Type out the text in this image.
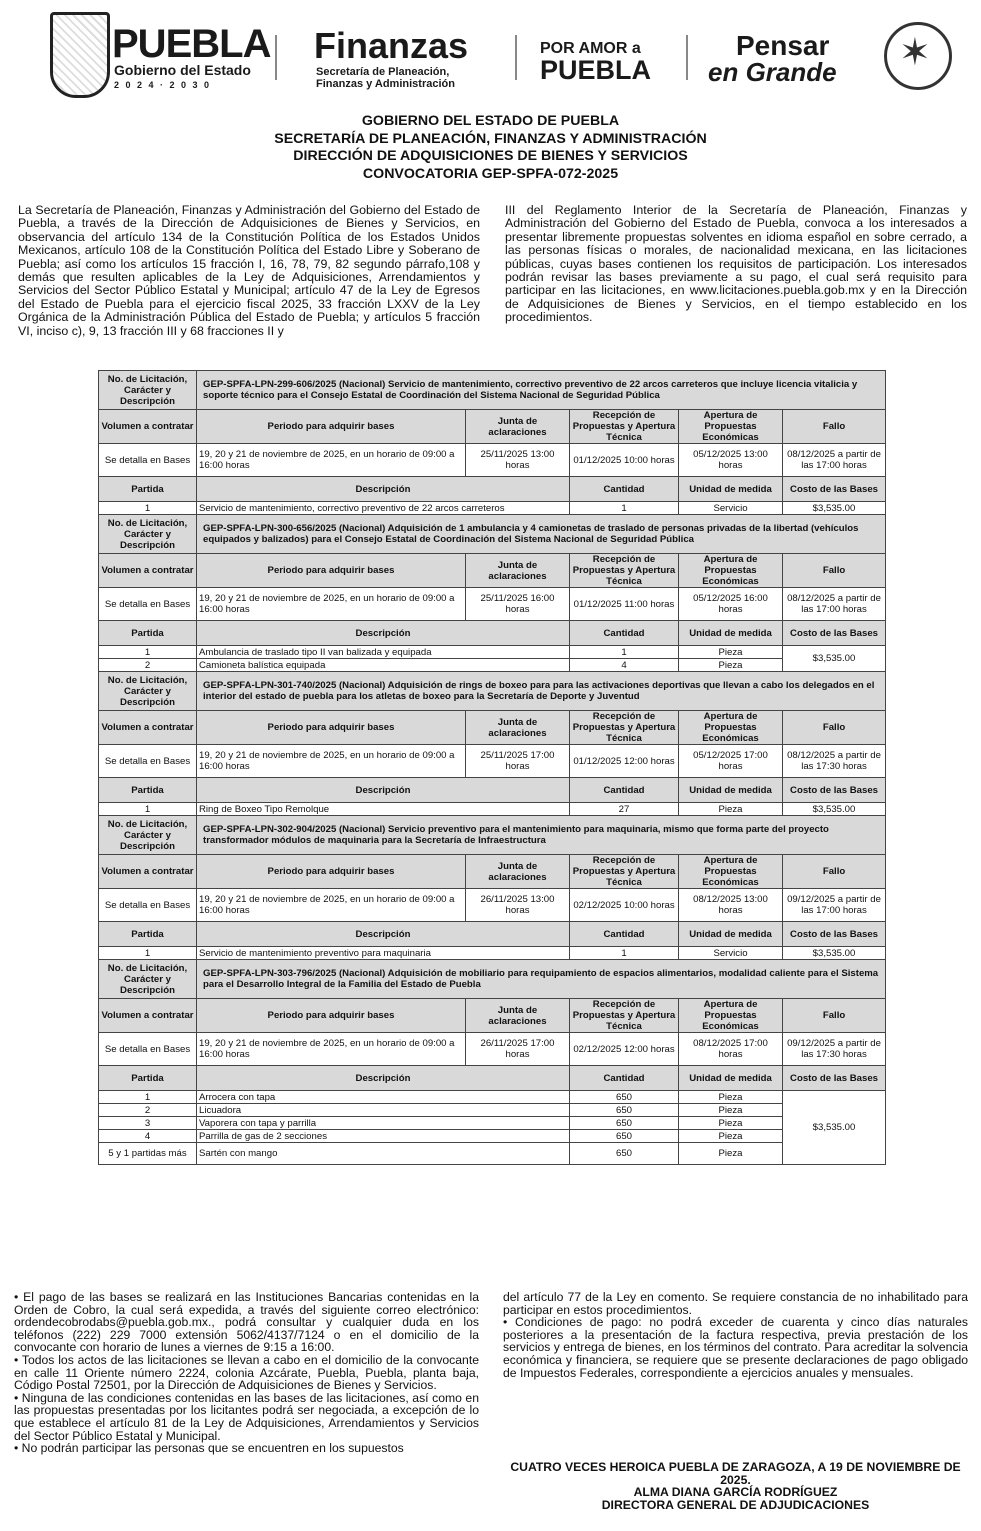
PUEBLA
Gobierno del Estado
2 0 2 4 · 2 0 3 0
Finanzas
Secretaría de Planeación,
Finanzas y Administración
POR AMOR a
PUEBLA
Pensar
en Grande
✶
GOBIERNO DEL ESTADO DE PUEBLA
SECRETARÍA DE PLANEACIÓN, FINANZAS Y ADMINISTRACIÓN
DIRECCIÓN DE ADQUISICIONES DE BIENES Y SERVICIOS
CONVOCATORIA GEP-SPFA-072-2025
La Secretaría de Planeación, Finanzas y Administración del Gobierno del Estado de Puebla, a través de la Dirección de Adquisiciones de Bienes y Servicios, en observancia del artículo 134 de la Constitución Política de los Estados Unidos Mexicanos, artículo 108 de la Constitución Política del Estado Libre y Soberano de Puebla; así como los artículos 15 fracción I, 16, 78, 79, 82 segundo párrafo,108 y demás que resulten aplicables de la Ley de Adquisiciones, Arrendamientos y Servicios del Sector Público Estatal y Municipal; artículo 47 de la Ley de Egresos del Estado de Puebla para el ejercicio fiscal 2025, 33 fracción LXXV de la Ley Orgánica de la Administración Pública del Estado de Puebla; y artículos 5 fracción VI, inciso c), 9, 13 fracción III y 68 fracciones II y
III del Reglamento Interior de la Secretaría de Planeación, Finanzas y Administración del Gobierno del Estado de Puebla, convoca a los interesados a presentar libremente propuestas solventes en idioma español en sobre cerrado, a las personas físicas o morales, de nacionalidad mexicana, en las licitaciones públicas, cuyas bases contienen los requisitos de participación. Los interesados podrán revisar las bases previamente a su pago, el cual será requisito para participar en las licitaciones, en www.licitaciones.puebla.gob.mx y en la Dirección de Adquisiciones de Bienes y Servicios, en el tiempo establecido en los procedimientos.
No. de Licitación, Carácter y Descripción	GEP-SPFA-LPN-299-606/2025 (Nacional) Servicio de mantenimiento, correctivo preventivo de 22 arcos carreteros que incluye licencia vitalicia y soporte técnico para el Consejo Estatal de Coordinación del Sistema Nacional de Seguridad Pública				
Volumen a contratar	Periodo para adquirir bases	Junta de aclaraciones	Recepción de Propuestas y Apertura Técnica	Apertura de Propuestas Económicas	Fallo
Se detalla en Bases	19, 20 y 21 de noviembre de 2025, en un horario de 09:00 a 16:00 horas	25/11/2025 13:00 horas	01/12/2025 10:00 horas	05/12/2025 13:00 horas	08/12/2025 a partir de las 17:00 horas
Partida	Descripción		Cantidad	Unidad de medida	Costo de las Bases
1	Servicio de mantenimiento, correctivo preventivo de 22 arcos carreteros		1	Servicio	$3,535.00
No. de Licitación, Carácter y Descripción	GEP-SPFA-LPN-300-656/2025 (Nacional) Adquisición de 1 ambulancia y 4 camionetas de traslado de personas privadas de la libertad (vehículos equipados y balizados) para el Consejo Estatal de Coordinación del Sistema Nacional de Seguridad Pública				
Volumen a contratar	Periodo para adquirir bases	Junta de aclaraciones	Recepción de Propuestas y Apertura Técnica	Apertura de Propuestas Económicas	Fallo
Se detalla en Bases	19, 20 y 21 de noviembre de 2025, en un horario de 09:00 a 16:00 horas	25/11/2025 16:00 horas	01/12/2025 11:00 horas	05/12/2025 16:00 horas	08/12/2025 a partir de las 17:00 horas
Partida	Descripción		Cantidad	Unidad de medida	Costo de las Bases
1	Ambulancia de traslado tipo II van balizada y equipada		1	Pieza	$3,535.00
2	Camioneta balística equipada		4	Pieza	
No. de Licitación, Carácter y Descripción	GEP-SPFA-LPN-301-740/2025 (Nacional) Adquisición de rings de boxeo para para las activaciones deportivas que llevan a cabo los delegados en el interior del estado de puebla para los atletas de boxeo para la Secretaría de Deporte y Juventud				
Volumen a contratar	Periodo para adquirir bases	Junta de aclaraciones	Recepción de Propuestas y Apertura Técnica	Apertura de Propuestas Económicas	Fallo
Se detalla en Bases	19, 20 y 21 de noviembre de 2025, en un horario de 09:00 a 16:00 horas	25/11/2025 17:00 horas	01/12/2025 12:00 horas	05/12/2025 17:00 horas	08/12/2025 a partir de las 17:30 horas
Partida	Descripción		Cantidad	Unidad de medida	Costo de las Bases
1	Ring de Boxeo Tipo Remolque		27	Pieza	$3,535.00
No. de Licitación, Carácter y Descripción	GEP-SPFA-LPN-302-904/2025 (Nacional) Servicio preventivo para el mantenimiento para maquinaria, mismo que forma parte del proyecto transformador módulos de maquinaria para la Secretaría de Infraestructura				
Volumen a contratar	Periodo para adquirir bases	Junta de aclaraciones	Recepción de Propuestas y Apertura Técnica	Apertura de Propuestas Económicas	Fallo
Se detalla en Bases	19, 20 y 21 de noviembre de 2025, en un horario de 09:00 a 16:00 horas	26/11/2025 13:00 horas	02/12/2025 10:00 horas	08/12/2025 13:00 horas	09/12/2025 a partir de las 17:00 horas
Partida	Descripción		Cantidad	Unidad de medida	Costo de las Bases
1	Servicio de mantenimiento preventivo para maquinaria		1	Servicio	$3,535.00
No. de Licitación, Carácter y Descripción	GEP-SPFA-LPN-303-796/2025 (Nacional) Adquisición de mobiliario para requipamiento de espacios alimentarios, modalidad caliente para el Sistema para el Desarrollo Integral de la Familia del Estado de Puebla				
Volumen a contratar	Periodo para adquirir bases	Junta de aclaraciones	Recepción de Propuestas y Apertura Técnica	Apertura de Propuestas Económicas	Fallo
Se detalla en Bases	19, 20 y 21 de noviembre de 2025, en un horario de 09:00 a 16:00 horas	26/11/2025 17:00 horas	02/12/2025 12:00 horas	08/12/2025 17:00 horas	09/12/2025 a partir de las 17:30 horas
Partida	Descripción		Cantidad	Unidad de medida	Costo de las Bases
1	Arrocera con tapa		650	Pieza	$3,535.00
2	Licuadora		650	Pieza	
3	Vaporera con tapa y parrilla		650	Pieza	
4	Parrilla de gas de 2 secciones		650	Pieza	
5 y 1 partidas más	Sartén con mango		650	Pieza	
• El pago de las bases se realizará en las Instituciones Bancarias contenidas en la Orden de Cobro, la cual será expedida, a través del siguiente correo electrónico: ordendecobrodabs@puebla.gob.mx., podrá consultar y cualquier duda en los teléfonos (222) 229 7000 extensión 5062/4137/7124 o en el domicilio de la convocante con horario de lunes a viernes de 9:15 a 16:00.
• Todos los actos de las licitaciones se llevan a cabo en el domicilio de la convocante en calle 11 Oriente número 2224, colonia Azcárate, Puebla, Puebla, planta baja, Código Postal 72501, por la Dirección de Adquisiciones de Bienes y Servicios.
• Ninguna de las condiciones contenidas en las bases de las licitaciones, así como en las propuestas presentadas por los licitantes podrá ser negociada, a excepción de lo que establece el artículo 81 de la Ley de Adquisiciones, Arrendamientos y Servicios del Sector Público Estatal y Municipal.
• No podrán participar las personas que se encuentren en los supuestos
del artículo 77 de la Ley en comento. Se requiere constancia de no inhabilitado para participar en estos procedimientos.
• Condiciones de pago: no podrá exceder de cuarenta y cinco días naturales posteriores a la presentación de la factura respectiva, previa prestación de los servicios y entrega de bienes, en los términos del contrato. Para acreditar la solvencia económica y financiera, se requiere que se presente declaraciones de pago obligado de Impuestos Federales, correspondiente a ejercicios anuales y mensuales.
CUATRO VECES HEROICA PUEBLA DE ZARAGOZA, A 19 DE NOVIEMBRE DE 2025.
ALMA DIANA GARCÍA RODRÍGUEZ
DIRECTORA GENERAL DE ADJUDICACIONES
